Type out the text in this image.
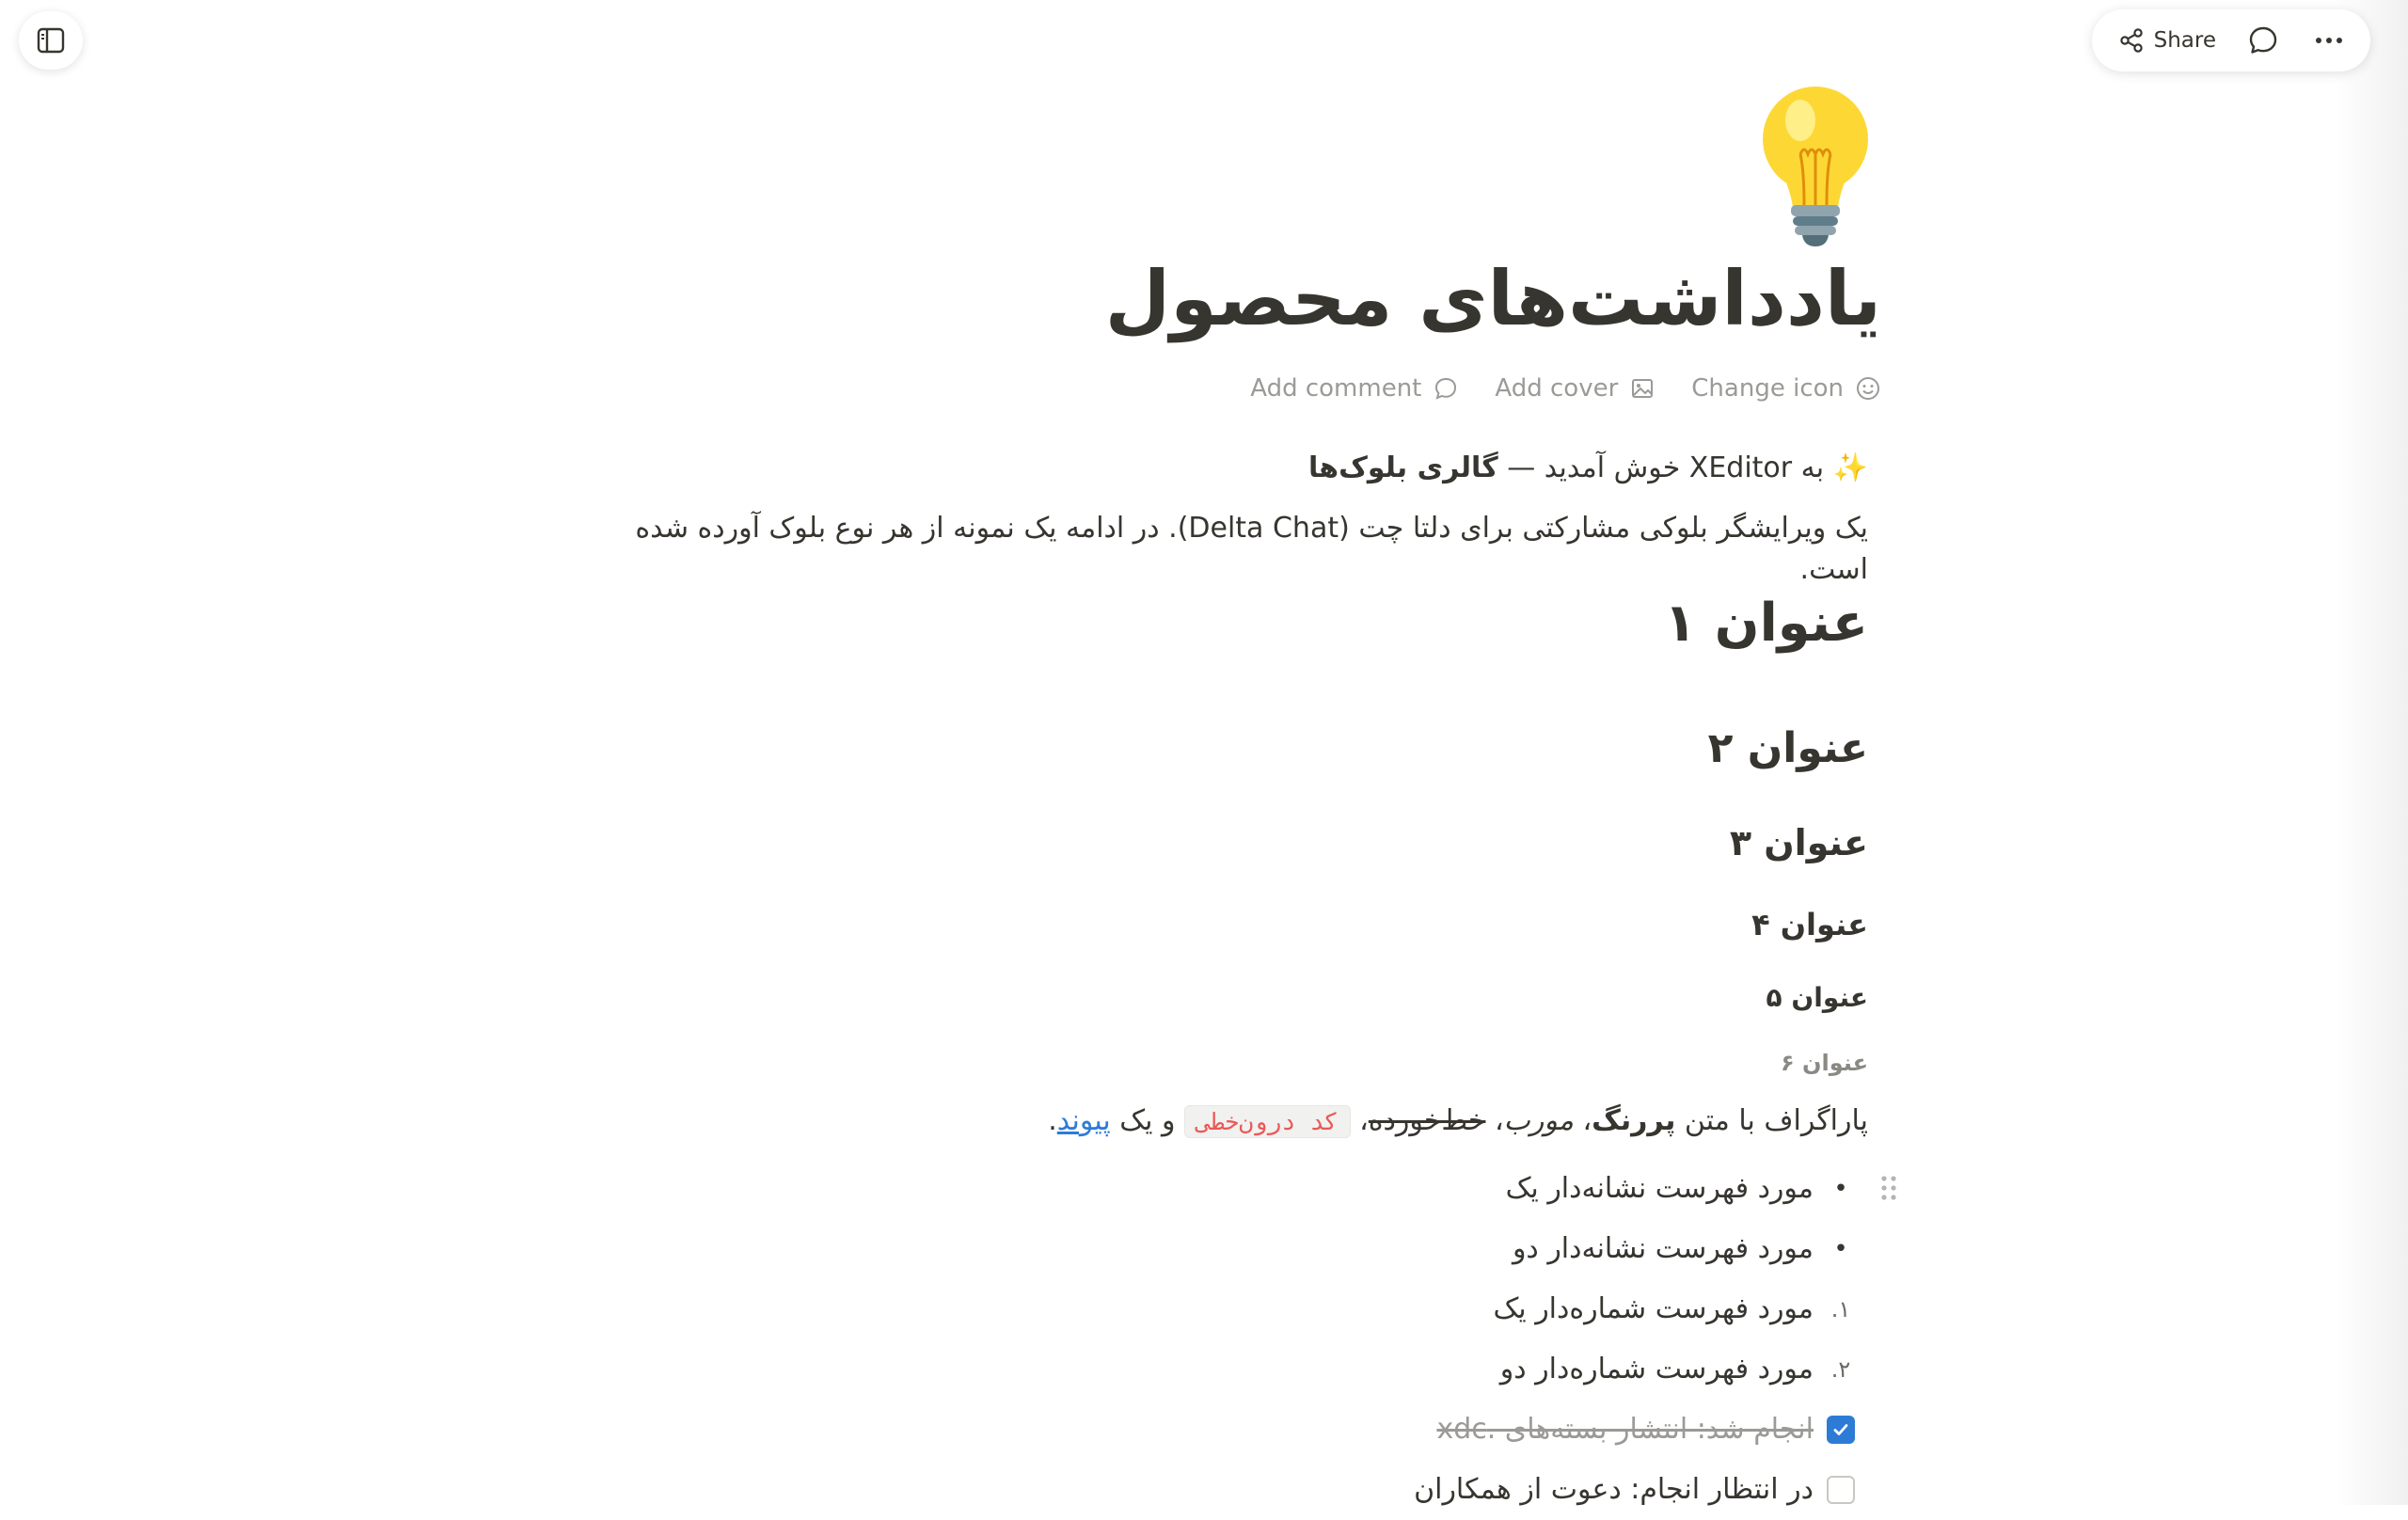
Share
یادداشت‌های محصول
Change icon
Add cover
Add comment

✨ به XEditor خوش آمدید — گالری بلوک‌ها

یک ویرایشگر بلوکی مشارکتی برای دلتا چت (Delta Chat). در ادامه یک نمونه از هر نوع بلوک آورده شده است.

عنوان ۱
عنوان ۲
عنوان ۳
عنوان ۴
عنوان ۵
عنوان ۶

پاراگراف با متن پررنگ، مورب، خط‌خورده، کد درون‌خطی و یک پیوند.

•
مورد فهرست نشانه‌دار یک
•
مورد فهرست نشانه‌دار دو
۱.
مورد فهرست شماره‌دار یک
۲.
مورد فهرست شماره‌دار دو
انجام شد: انتشار بسته‌های .xdc
در انتظار انجام: دعوت از همکاران
